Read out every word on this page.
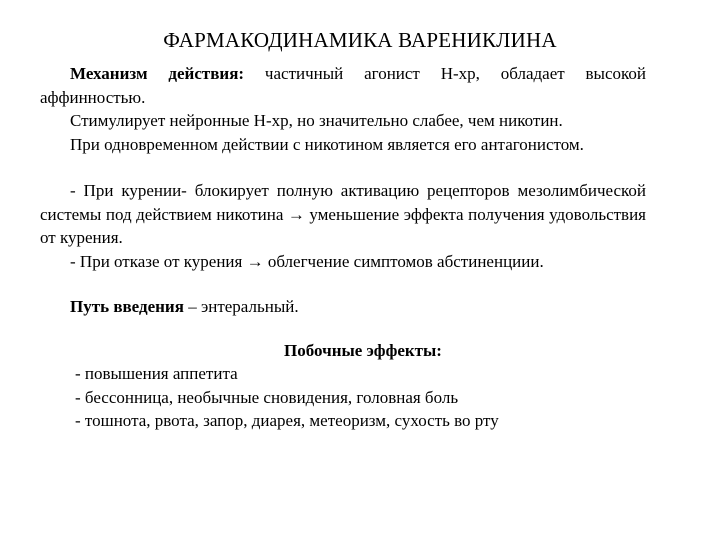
ФАРМАКОДИНАМИКА ВАРЕНИКЛИНА

Механизм действия: частичный агонист Н-хр, обладает высокой аффинностью.

Стимулирует нейронные Н-хр, но значительно слабее, чем никотин.

При одновременном действии с никотином является его антагонистом.

- При курении- блокирует полную активацию рецепторов мезолимбической системы под действием никотина → уменьшение эффекта получения удовольствия от курения.

- При отказе от курения → облегчение симптомов абстиненциии.

Путь введения – энтеральный.

Побочные эффекты:

- повышения аппетита
- бессонница, необычные сновидения, головная боль
- тошнота, рвота, запор, диарея, метеоризм, сухость во рту
